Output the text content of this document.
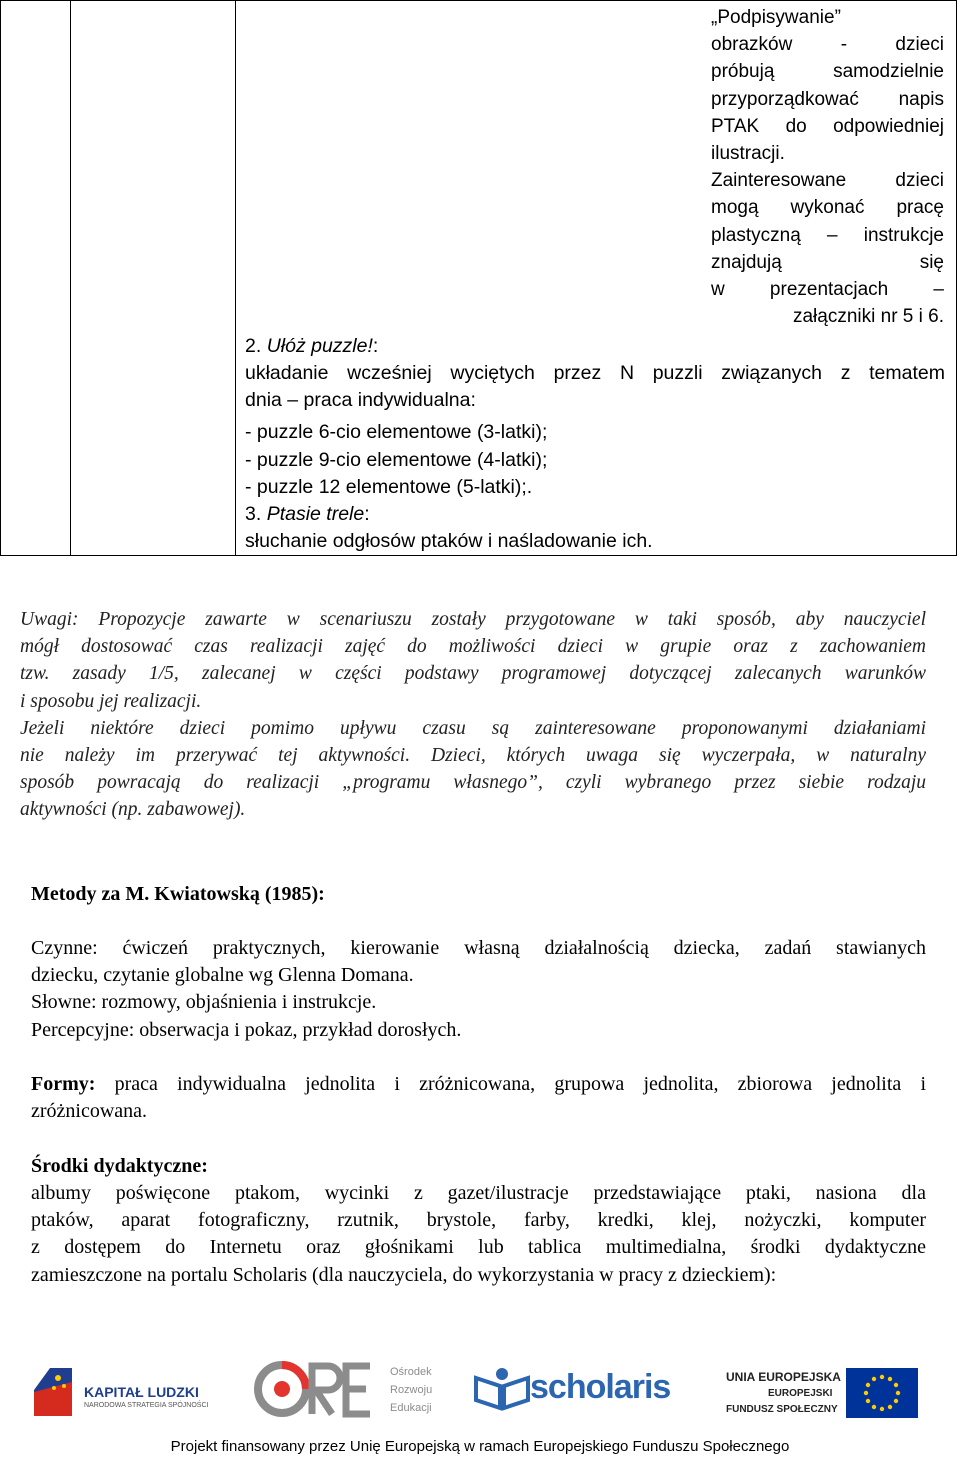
„Podpisywanie”
obrazków - dzieci
próbują samodzielnie
przyporządkować napis
PTAK do odpowiedniej
ilustracji.
Zainteresowane dzieci
mogą wykonać pracę
plastyczną – instrukcje
znajdują się
w prezentacjach –
załączniki nr 5 i 6.
2. Ułóż puzzle!:
układanie wcześniej wyciętych przez N puzzli związanych z tematem
dnia – praca indywidualna:
- puzzle 6-cio elementowe (3-latki);
- puzzle 9-cio elementowe (4-latki);
- puzzle 12 elementowe (5-latki);.
3. Ptasie trele:
słuchanie odgłosów ptaków i naśladowanie ich.
Uwagi: Propozycje zawarte w scenariuszu zostały przygotowane w taki sposób, aby nauczyciel
mógł dostosować czas realizacji zajęć do możliwości dzieci w grupie oraz z zachowaniem
tzw. zasady 1/5, zalecanej w części podstawy programowej dotyczącej zalecanych warunków
i sposobu jej realizacji.
Jeżeli niektóre dzieci pomimo upływu czasu są zainteresowane proponowanymi działaniami
nie należy im przerywać tej aktywności. Dzieci, których uwaga się wyczerpała, w naturalny
sposób powracają do realizacji „programu własnego”, czyli wybranego przez siebie rodzaju
aktywności (np. zabawowej).
Metody za M. Kwiatowską (1985):
Czynne: ćwiczeń praktycznych, kierowanie własną działalnością dziecka, zadań stawianych
dziecku, czytanie globalne wg Glenna Domana.
Słowne: rozmowy, objaśnienia i instrukcje.
Percepcyjne: obserwacja i pokaz, przykład dorosłych.
Formy: praca indywidualna jednolita i zróżnicowana, grupowa jednolita, zbiorowa jednolita i
zróżnicowana.
Środki dydaktyczne:
albumy poświęcone ptakom, wycinki z gazet/ilustracje przedstawiające ptaki, nasiona dla
ptaków, aparat fotograficzny, rzutnik, brystole, farby, kredki, klej, nożyczki, komputer
z dostępem do Internetu oraz głośnikami lub tablica multimedialna, środki dydaktyczne
zamieszczone na portalu Scholaris (dla nauczyciela, do wykorzystania w pracy z dzieckiem):
KAPITAŁ LUDZKI
NARODOWA STRATEGIA SPÓJNOŚCI
Ośrodek
Rozwoju
Edukacji
scholaris	UNIA EUROPEJSKA
EUROPEJSKI
FUNDUSZ SPOŁECZNY
Projekt finansowany przez Unię Europejską w ramach Europejskiego Funduszu Społecznego
